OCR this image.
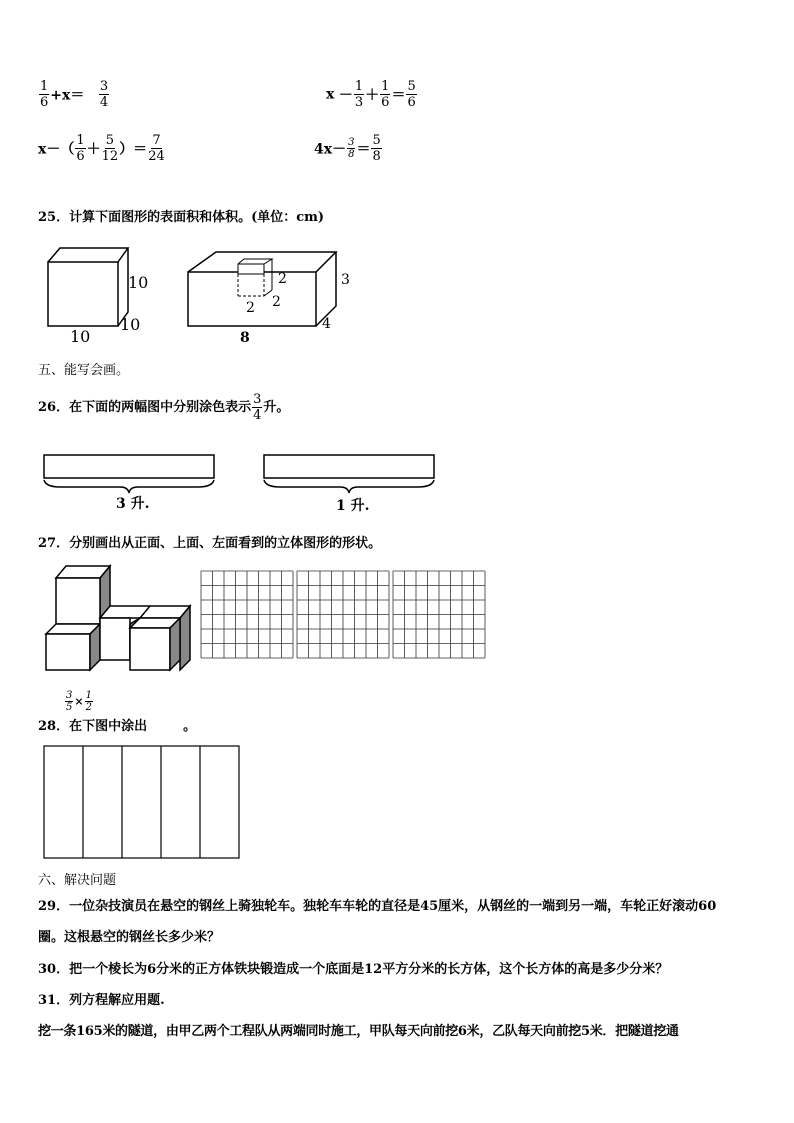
$\frac{1}{6} +x= \frac{3}{4}$	$x - \frac{1}{3} + \frac{1}{6} = \frac{5}{6}$
$x-( \frac{1}{6} + \frac{5}{12}$ ）＝ $\frac{7}{24}$	$4x- \frac{3}{8} = \frac{5}{8}$
25．计算下面图形的表面积和体积。(单位：cm)
10
10
10
3
4
8
2
2
2
五、能写会画。
26．在下面的两幅图中分别涂色表示 $\frac{3}{4}$ 升。
3 升.	1 升.
27．分别画出从正面、上面、左面看到的立体图形的形状。
$\frac{3}{5} \times \frac{1}{2}$
28．在下图中涂出	。
六、解决问题
29．一位杂技演员在悬空的钢丝上骑独轮车。独轮车车轮的直径是45厘米，从钢丝的一端到另一端，车轮正好滚动60
圈。这根悬空的钢丝长多少米？
30．把一个棱长为6分米的正方体铁块锻造成一个底面是12平方分米的长方体，这个长方体的高是多少分米？
31．列方程解应用题.
挖一条165米的隧道，由甲乙两个工程队从两端同时施工，甲队每天向前挖6米，乙队每天向前挖5米．把隧道挖通
